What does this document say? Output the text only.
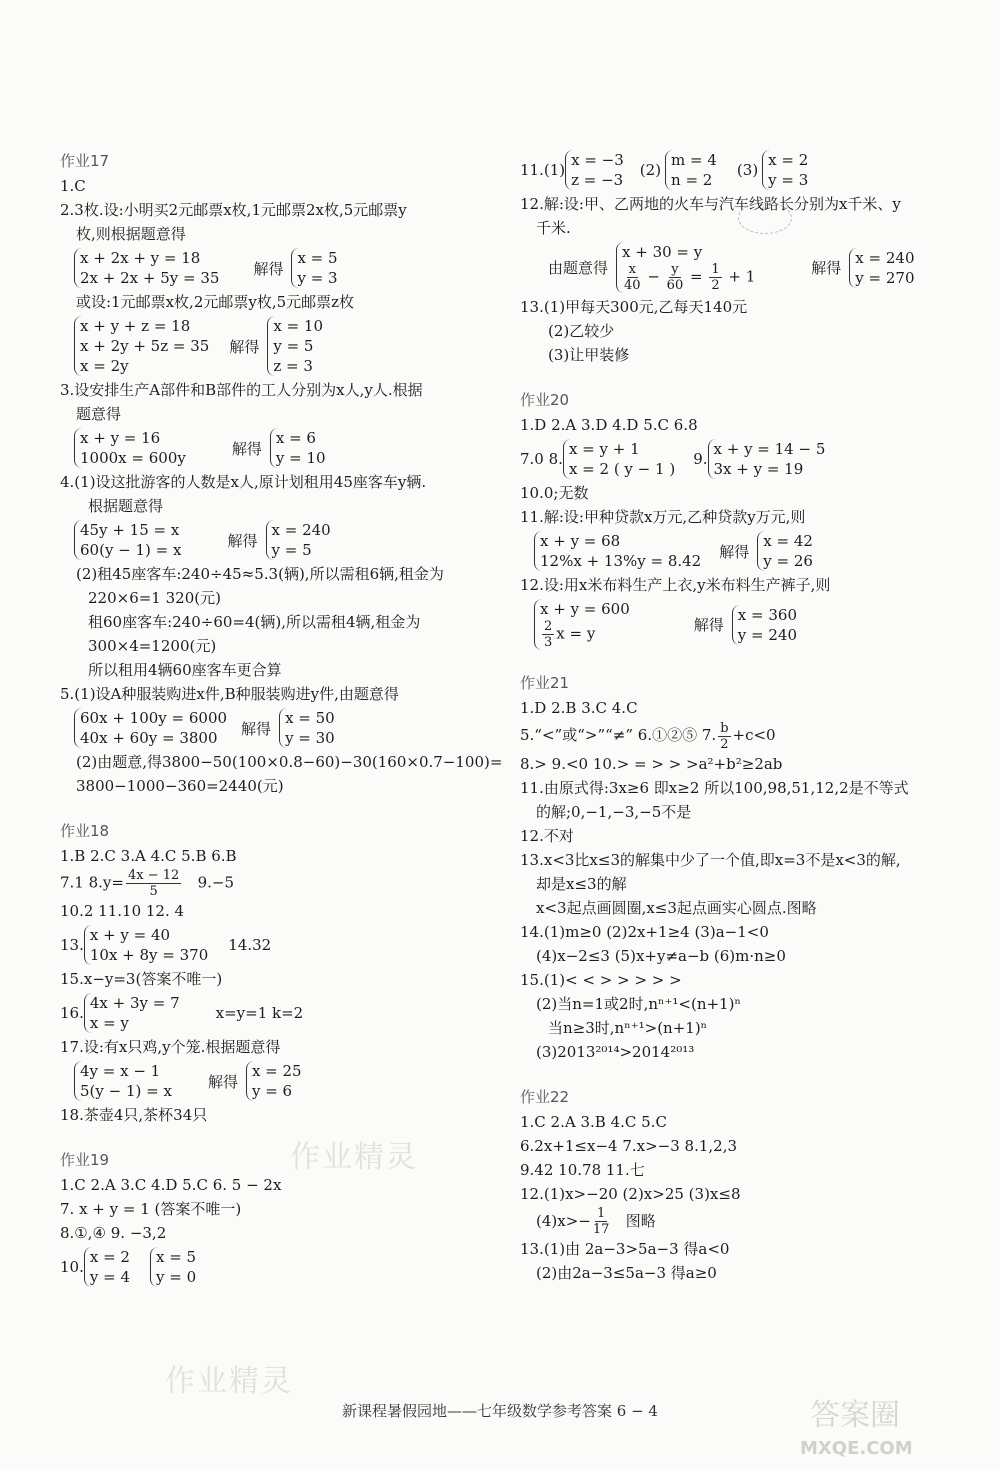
作业17
1.C
2.3枚.设:小明买2元邮票x枚,1元邮票2x枚,5元邮票y
枚,则根据题意得
x + 2x + y = 18
2x + 2x + 5y = 35
解得
x = 5
y = 3
或设:1元邮票x枚,2元邮票y枚,5元邮票z枚
x + y + z = 18
x + 2y + 5z = 35
x = 2y
解得
x = 10
y = 5
z = 3
3.设安排生产A部件和B部件的工人分别为x人,y人.根据
题意得
x + y = 16
1000x = 600y
解得
x = 6
y = 10
4.(1)设这批游客的人数是x人,原计划租用45座客车y辆.
根据题意得
45y + 15 = x
60(y − 1) = x
解得
x = 240
y = 5
(2)租45座客车:240÷45≈5.3(辆),所以需租6辆,租金为
220×6=1 320(元)
租60座客车:240÷60=4(辆),所以需租4辆,租金为
300×4=1200(元)
所以租用4辆60座客车更合算
5.(1)设A种服装购进x件,B种服装购进y件,由题意得
60x + 100y = 6000
40x + 60y = 3800
解得
x = 50
y = 30
(2)由题意,得3800−50(100×0.8−60)−30(160×0.7−100)=
3800−1000−360=2440(元)
作业18
1.B 2.C 3.A 4.C 5.B 6.B
7.1 $8.y= \frac{4x - 12}{5} 9.-5$
10.2 11.10 12. 4
13.
x + y = 40
10x + 8y = 370
14.32
15.x−y=3(答案不唯一)
16.
4x + 3y = 7
x = y
x=y=1 k=2
17.设:有x只鸡,y个笼.根据题意得
4y = x − 1
5(y − 1) = x
解得
x = 25
y = 6
18.茶壶4只,茶杯34只
作业19
1.C 2.A 3.C 4.D 5.C 6. 5 − 2x
7. x + y = 1 (答案不唯一)
8.①,④ 9. −3,2
10.
x = 2
y = 4
x = 5
y = 0
11.(1)
x = −3
z = −3
(2)
m = 4
n = 2
(3)
x = 2
y = 3
12.解:设:甲、乙两地的火车与汽车线路长分别为x千米、y
千米.
由题意得
x + 30 = y
$\frac{x}{40} - \frac{y}{60} = \frac{1}{2} + 1$	解得
x = 240
y = 270
13.(1)甲每天300元,乙每天140元
(2)乙较少
(3)让甲装修
作业20
1.D 2.A 3.D 4.D 5.C 6.8
7.0 8.
x = y + 1
x = 2 ( y − 1 )
9.
x + y = 14 − 5
3x + y = 19
10.0;无数
11.解:设:甲种贷款x万元,乙种贷款y万元,则
x + y = 68
12%x + 13%y = 8.42
解得
x = 42
y = 26
12.设:用x米布料生产上衣,y米布料生产裤子,则
x + y = 600
$\frac{2}{3}$ x = y	解得
x = 360
y = 240
作业21
1.D 2.B 3.C 4.C
5.“<”或“>”“≠” 6.①②⑤ 7. $\frac{b}{2} +c<0$
8.> 9.<0 10.> = > > >a²+b²≥2ab
11.由原式得:3x≥6 即x≥2 所以100,98,51,12,2是不等式
的解;0,−1,−3,−5不是
12.不对
13.x<3比x≤3的解集中少了一个值,即x=3不是x<3的解,
却是x≤3的解
x<3起点画圆圈,x≤3起点画实心圆点.图略
14.(1)m≥0 (2)2x+1≥4 (3)a−1<0
(4)x−2≤3 (5)x+y≠a−b (6)m·n≥0
15.(1)< < > > > > >
(2)当n=1或2时,nⁿ⁺¹<(n+1)ⁿ
当n≥3时,nⁿ⁺¹>(n+1)ⁿ
(3)2013²⁰¹⁴>2014²⁰¹³
作业22
1.C 2.A 3.B 4.C 5.C
6.2x+1≤x−4 7.x>−3 8.1,2,3
9.42 10.78 11.七
12.(1)x>−20 (2)x>25 (3)x≤8
$(4)x>- \frac{1}{17}$ 图略
13.(1)由 2a−3>5a−3 得a<0
(2)由2a−3≤5a−3 得a≥0
作业精灵
作业精灵
答案圈
MXQE.COM
新课程暑假园地——七年级数学参考答案 6 − 4
